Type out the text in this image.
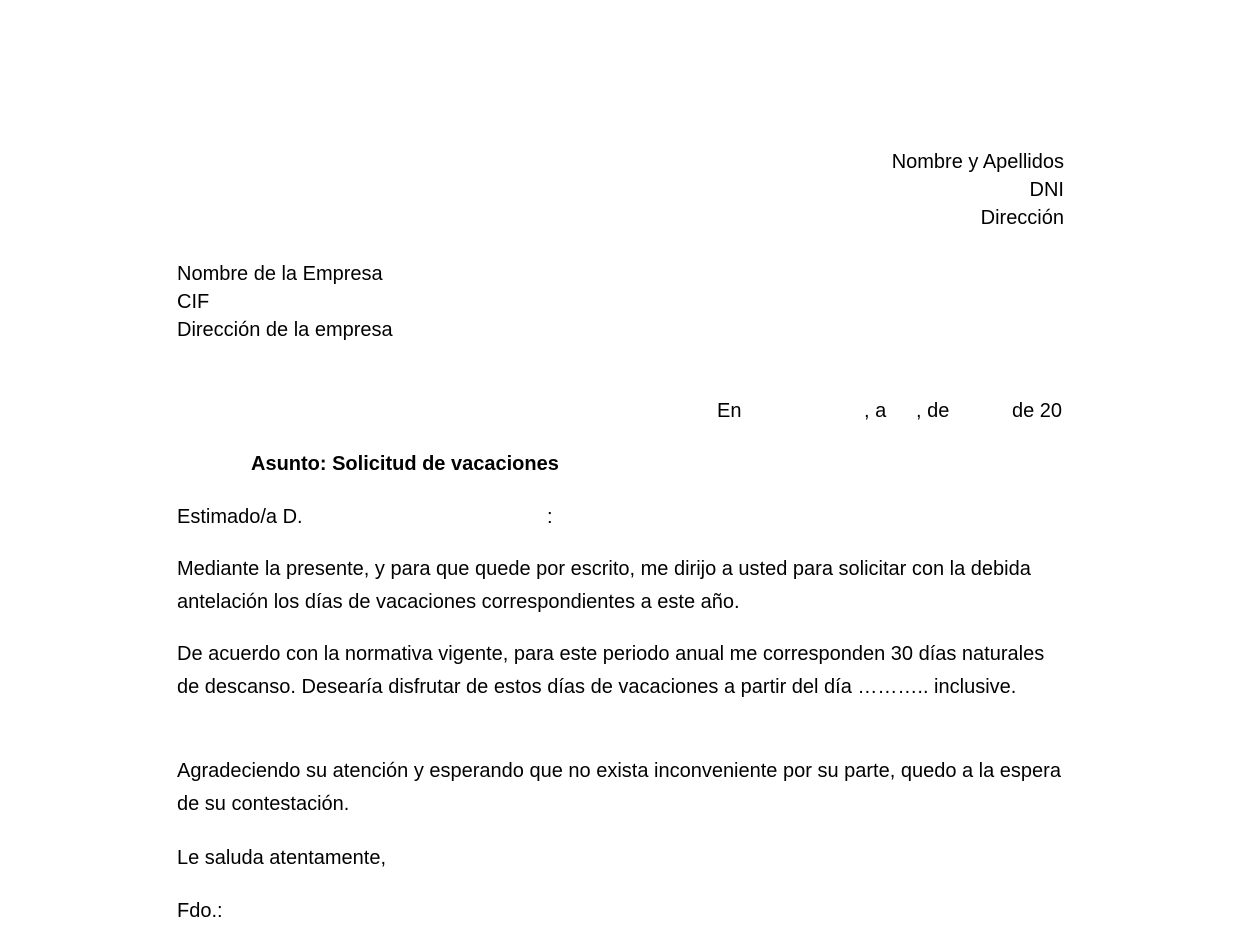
Nombre y Apellidos
DNI
Dirección
Nombre de la Empresa
CIF
Dirección de la empresa
En	, a , de	de 20
Asunto: Solicitud de vacaciones
Estimado/a D.	:

Mediante la presente, y para que quede por escrito, me dirijo a usted para solicitar con la debida antelación los días de vacaciones correspondientes a este año.

De acuerdo con la normativa vigente, para este periodo anual me corresponden 30 días naturales de descanso. Desearía disfrutar de estos días de vacaciones a partir del día ……….. inclusive.

Agradeciendo su atención y esperando que no exista inconveniente por su parte, quedo a la espera de su contestación.

Le saluda atentamente,
Fdo.:
